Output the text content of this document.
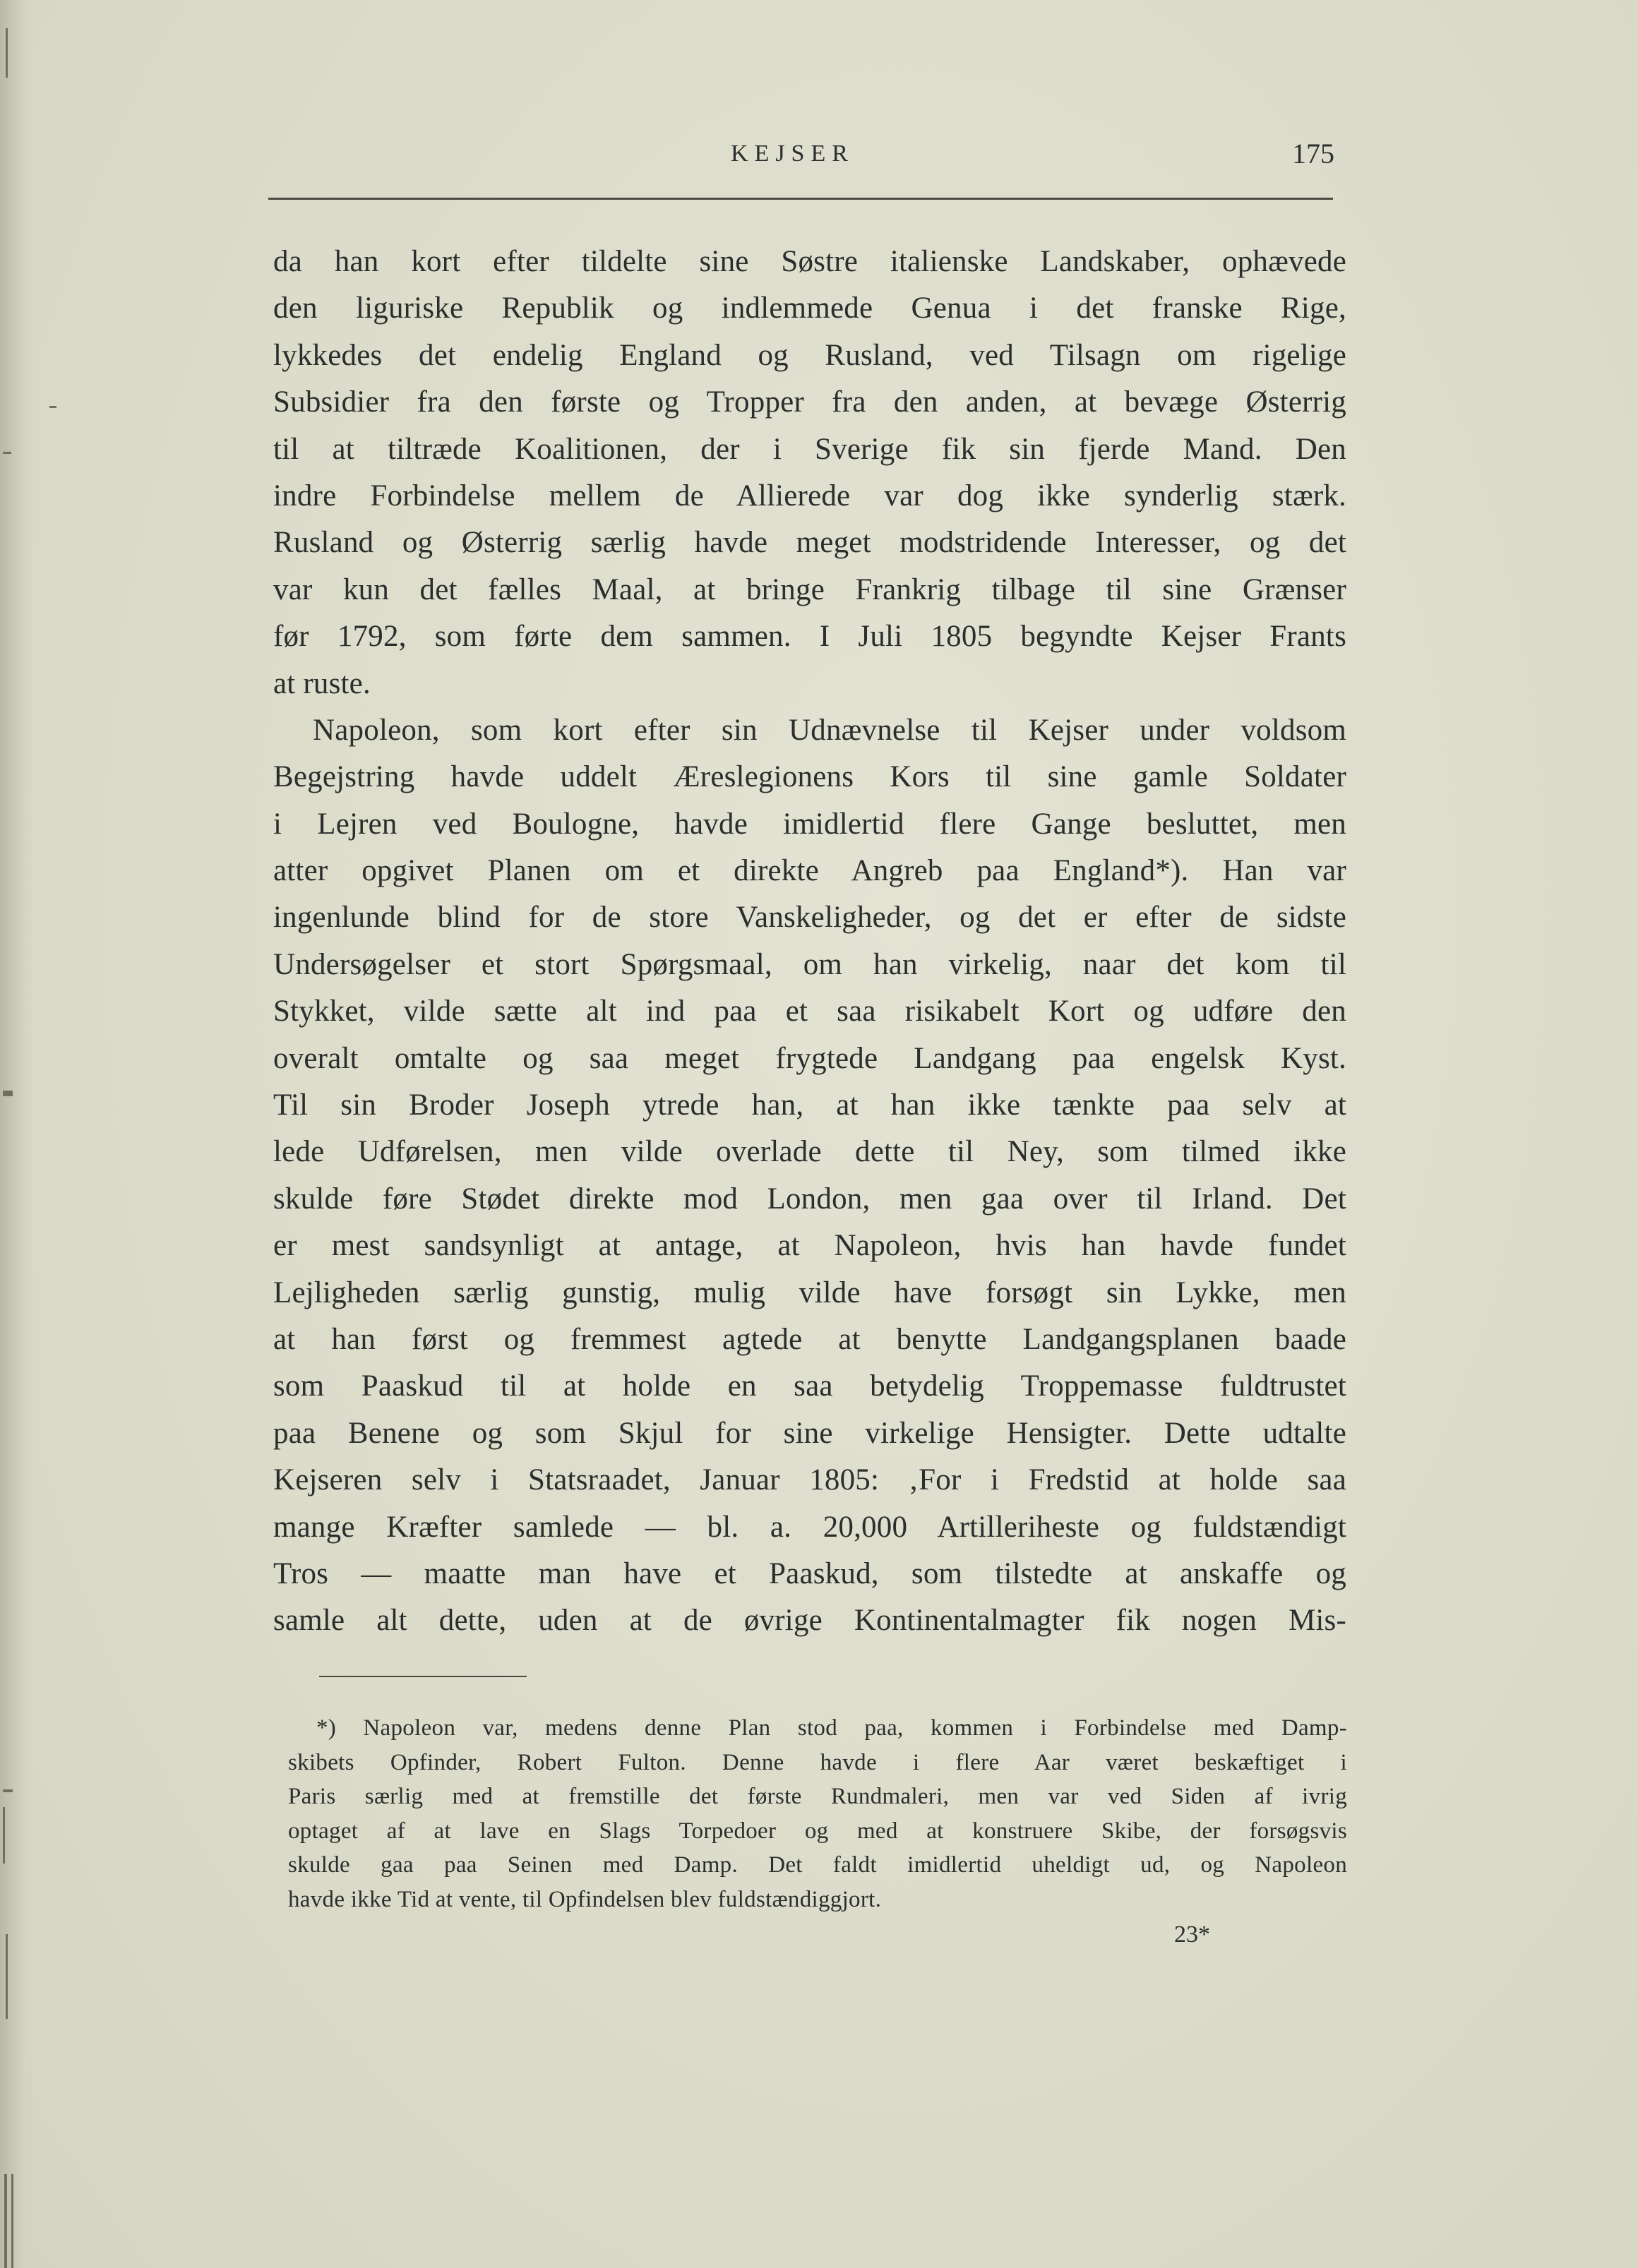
KEJSER	175
da han kort efter tildelte sine Søstre italienske Landskaber, ophævede
den liguriske Republik og indlemmede Genua i det franske Rige,
lykkedes det endelig England og Rusland, ved Tilsagn om rigelige
Subsidier fra den første og Tropper fra den anden, at bevæge Østerrig
til at tiltræde Koalitionen, der i Sverige fik sin fjerde Mand. Den
indre Forbindelse mellem de Allierede var dog ikke synderlig stærk.
Rusland og Østerrig særlig havde meget modstridende Interesser, og det
var kun det fælles Maal, at bringe Frankrig tilbage til sine Grænser
før 1792, som førte dem sammen. I Juli 1805 begyndte Kejser Frants
at ruste.
Napoleon, som kort efter sin Udnævnelse til Kejser under voldsom
Begejstring havde uddelt Æreslegionens Kors til sine gamle Soldater
i Lejren ved Boulogne, havde imidlertid flere Gange besluttet, men
atter opgivet Planen om et direkte Angreb paa England*). Han var
ingenlunde blind for de store Vanskeligheder, og det er efter de sidste
Undersøgelser et stort Spørgsmaal, om han virkelig, naar det kom til
Stykket, vilde sætte alt ind paa et saa risikabelt Kort og udføre den
overalt omtalte og saa meget frygtede Landgang paa engelsk Kyst.
Til sin Broder Joseph ytrede han, at han ikke tænkte paa selv at
lede Udførelsen, men vilde overlade dette til Ney, som tilmed ikke
skulde føre Stødet direkte mod London, men gaa over til Irland. Det
er mest sandsynligt at antage, at Napoleon, hvis han havde fundet
Lejligheden særlig gunstig, mulig vilde have forsøgt sin Lykke, men
at han først og fremmest agtede at benytte Landgangsplanen baade
som Paaskud til at holde en saa betydelig Troppemasse fuldtrustet
paa Benene og som Skjul for sine virkelige Hensigter. Dette udtalte
Kejseren selv i Statsraadet, Januar 1805: ‚For i Fredstid at holde saa
mange Kræfter samlede — bl. a. 20,000 Artilleriheste og fuldstændigt
Tros — maatte man have et Paaskud, som tilstedte at anskaffe og
samle alt dette, uden at de øvrige Kontinentalmagter fik nogen Mis-
*) Napoleon var, medens denne Plan stod paa, kommen i Forbindelse med Damp-
skibets Opfinder, Robert Fulton. Denne havde i flere Aar været beskæftiget i
Paris særlig med at fremstille det første Rundmaleri, men var ved Siden af ivrig
optaget af at lave en Slags Torpedoer og med at konstruere Skibe, der forsøgsvis
skulde gaa paa Seinen med Damp. Det faldt imidlertid uheldigt ud, og Napoleon
havde ikke Tid at vente, til Opfindelsen blev fuldstændiggjort.
23*
